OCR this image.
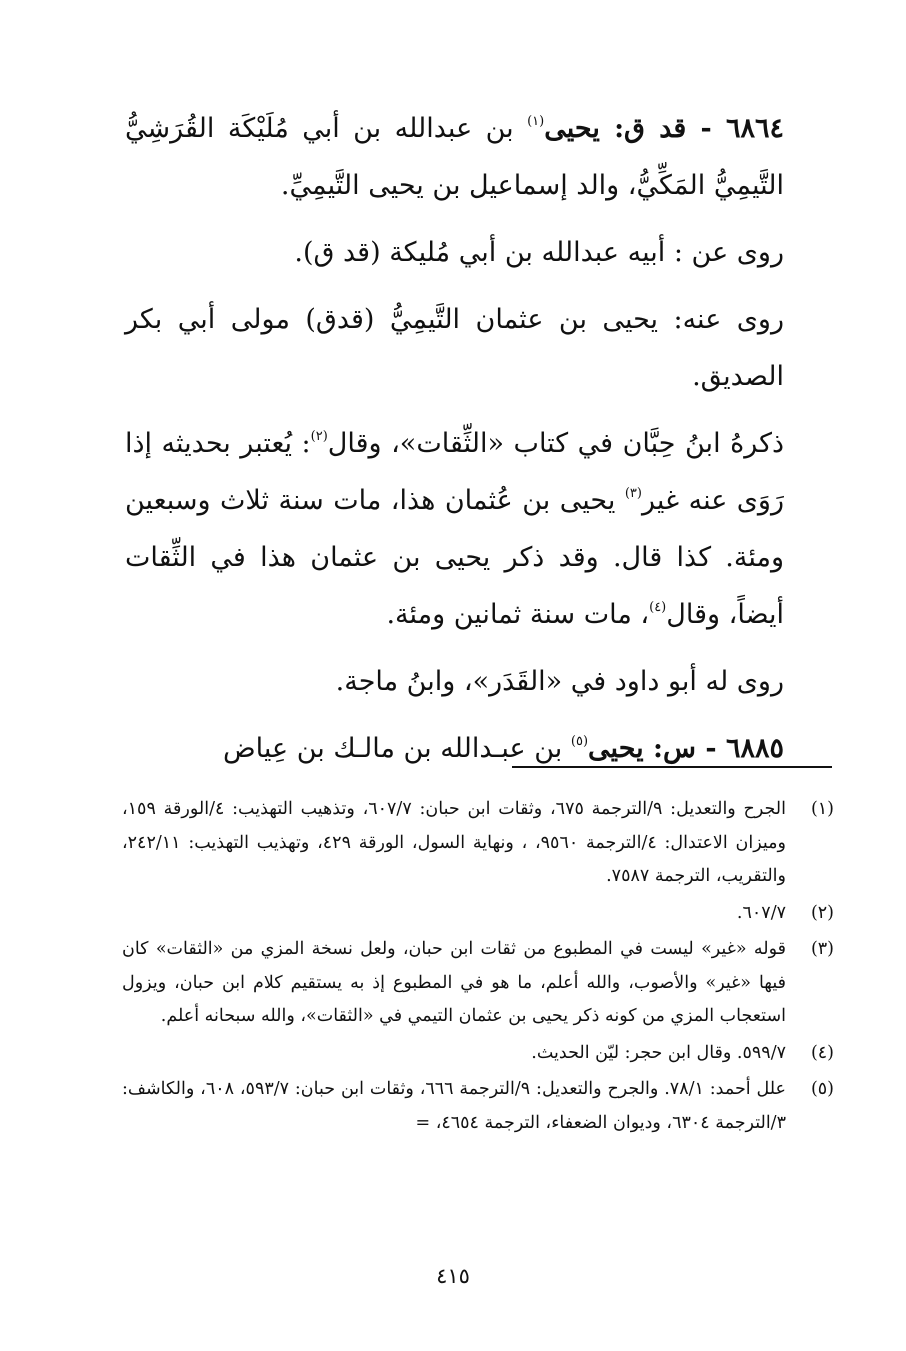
٦٨٦٤ - قد ق: يحيى$^{(١)}$ بن عبدالله بن أبي مُلَيْكَة القُرَشِيُّ التَّيمِيُّ المَكِّيُّ، والد إسماعيل بن يحيى التَّيمِيِّ.

روى عن : أبيه عبدالله بن أبي مُليكة (قد ق).

روى عنه: يحيى بن عثمان التَّيمِيُّ (قدق) مولى أبي بكر الصديق.

ذكرهُ ابنُ حِبَّان في كتاب «الثِّقات»، وقال$^{(٢)}$: يُعتبر بحديثه إذا رَوَى عنه غير$^{(٣)}$ يحيى بن عُثمان هذا، مات سنة ثلاث وسبعين ومئة. كذا قال. وقد ذكر يحيى بن عثمان هذا في الثِّقات أيضاً، وقال$^{(٤)}$، مات سنة ثمانين ومئة.

روى له أبو داود في «القَدَر»، وابنُ ماجة.

٦٨٨٥ - س: يحيى$^{(٥)}$ بن عبـدالله بن مالـك بن عِياض

(١)

الجرح والتعديل: ٩/الترجمة ٦٧٥، وثقات ابن حبان: ٦٠٧/٧، وتذهيب التهذيب: ٤/الورقة ١٥٩، وميزان الاعتدال: ٤/الترجمة ٩٥٦٠، ، ونهاية السول، الورقة ٤٢٩، وتهذيب التهذيب: ٢٤٢/١١، والتقريب، الترجمة ٧٥٨٧.

(٢)

٦٠٧/٧.

(٣)

قوله «غير» ليست في المطبوع من ثقات ابن حبان، ولعل نسخة المزي من «الثقات» كان فيها «غير» والأصوب، والله أعلم، ما هو في المطبوع إذ به يستقيم كلام ابن حبان، ويزول استعجاب المزي من كونه ذكر يحيى بن عثمان التيمي في «الثقات»، والله سبحانه أعلم.

(٤)

٥٩٩/٧. وقال ابن حجر: ليّن الحديث.

(٥)

علل أحمد: ٧٨/١. والجرح والتعديل: ٩/الترجمة ٦٦٦، وثقات ابن حبان: ٥٩٣/٧، ٦٠٨، والكاشف: ٣/الترجمة ٦٣٠٤، وديوان الضعفاء، الترجمة ٤٦٥٤، =

٤١٥
